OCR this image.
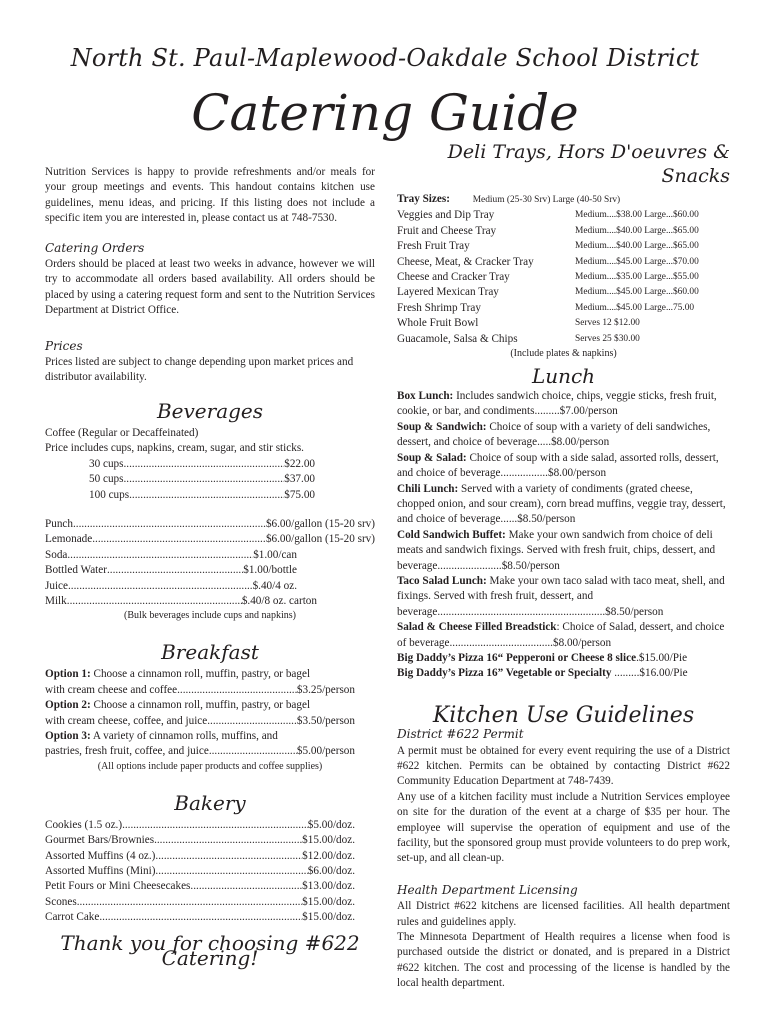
North St. Paul-Maplewood-Oakdale School District
Catering Guide

Nutrition Services is happy to provide refreshments and/or meals for your group meetings and events. This handout contains kitchen use guidelines, menu ideas, and pricing. If this listing does not include a specific item you are interested in, please contact us at 748-7530.

Catering Orders

Orders should be placed at least two weeks in advance, however we will try to accommodate all orders based availability. All orders should be placed by using a catering request form and sent to the Nutrition Services Department at District Office.

Prices

Prices listed are subject to change depending upon market prices and distributor availability.

Beverages

Coffee (Regular or Decaffeinated)

Price includes cups, napkins, cream, sugar, and stir sticks.

30 cups .....	$22.00
50 cups .....	$37.00
100 cups .....	$75.00
Punch .....	$6.00/gallon (15-20 srv)
Lemonade .....	$6.00/gallon (15-20 srv)
Soda .....	$1.00/can
Bottled Water .....	$1.00/bottle
Juice .....	$.40/4 oz.
Milk .....	$.40/8 oz. carton

(Bulk beverages include cups and napkins)

Breakfast

Option 1: Choose a cinnamon roll, muffin, pastry, or bagel

with cream cheese and coffee .....	$3.25/person

Option 2: Choose a cinnamon roll, muffin, pastry, or bagel

with cream cheese, coffee, and juice .....	$3.50/person

Option 3: A variety of cinnamon rolls, muffins, and

pastries, fresh fruit, coffee, and juice .....	$5.00/person

(All options include paper products and coffee supplies)

Bakery
Cookies (1.5 oz.) .....	$5.00/doz.
Gourmet Bars/Brownies .....	$15.00/doz.
Assorted Muffins (4 oz.) .....	$12.00/doz.
Assorted Muffins (Mini) .....	$6.00/doz.
Petit Fours or Mini Cheesecakes .....	$13.00/doz.
Scones .....	$15.00/doz.
Carrot Cake .....	$15.00/doz.
Thank you for choosing #622 Catering!
Deli Trays, Hors D'oeuvres & Snacks

Tray Sizes: Medium (25-30 Srv) Large (40-50 Srv)

Veggies and Dip Tray	Medium....$38.00 Large...$60.00
Fruit and Cheese Tray	Medium....$40.00 Large...$65.00
Fresh Fruit Tray	Medium....$40.00 Large...$65.00
Cheese, Meat, & Cracker Tray	Medium....$45.00 Large...$70.00
Cheese and Cracker Tray	Medium....$35.00 Large...$55.00
Layered Mexican Tray	Medium....$45.00 Large...$60.00
Fresh Shrimp Tray	Medium....$45.00 Large...75.00
Whole Fruit Bowl	Serves 12 $12.00
Guacamole, Salsa & Chips	Serves 25 $30.00

(Include plates & napkins)

Lunch

Box Lunch: Includes sandwich choice, chips, veggie sticks, fresh fruit, cookie, or bar, and condiments.........$7.00/person

Soup & Sandwich: Choice of soup with a variety of deli sandwiches, dessert, and choice of beverage.....$8.00/person

Soup & Salad: Choice of soup with a side salad, assorted rolls, dessert, and choice of beverage.................$8.00/person

Chili Lunch: Served with a variety of condiments (grated cheese, chopped onion, and sour cream), corn bread muffins, veggie tray, dessert, and choice of beverage......$8.50/person

Cold Sandwich Buffet: Make your own sandwich from choice of deli meats and sandwich fixings. Served with fresh fruit, chips, dessert, and beverage.......................$8.50/person

Taco Salad Lunch: Make your own taco salad with taco meat, shell, and fixings. Served with fresh fruit, dessert, and beverage............................................................$8.50/person

Salad & Cheese Filled Breadstick: Choice of Salad, dessert, and choice of beverage.....................................$8.00/person

Big Daddy’s Pizza 16“ Pepperoni or Cheese 8 slice.$15.00/Pie

Big Daddy’s Pizza 16” Vegetable or Specialty .........$16.00/Pie

Kitchen Use Guidelines
District #622 Permit

A permit must be obtained for every event requiring the use of a District #622 kitchen. Permits can be obtained by contacting District #622 Community Education Department at 748-7439.

Any use of a kitchen facility must include a Nutrition Services employee on site for the duration of the event at a charge of $35 per hour. The employee will supervise the operation of equipment and use of the facility, but the sponsored group must provide volunteers to do prep work, set-up, and all clean-up.

Health Department Licensing

All District #622 kitchens are licensed facilities. All health department rules and guidelines apply.

The Minnesota Department of Health requires a license when food is purchased outside the district or donated, and is prepared in a District #622 kitchen. The cost and processing of the license is handled by the local health department.
